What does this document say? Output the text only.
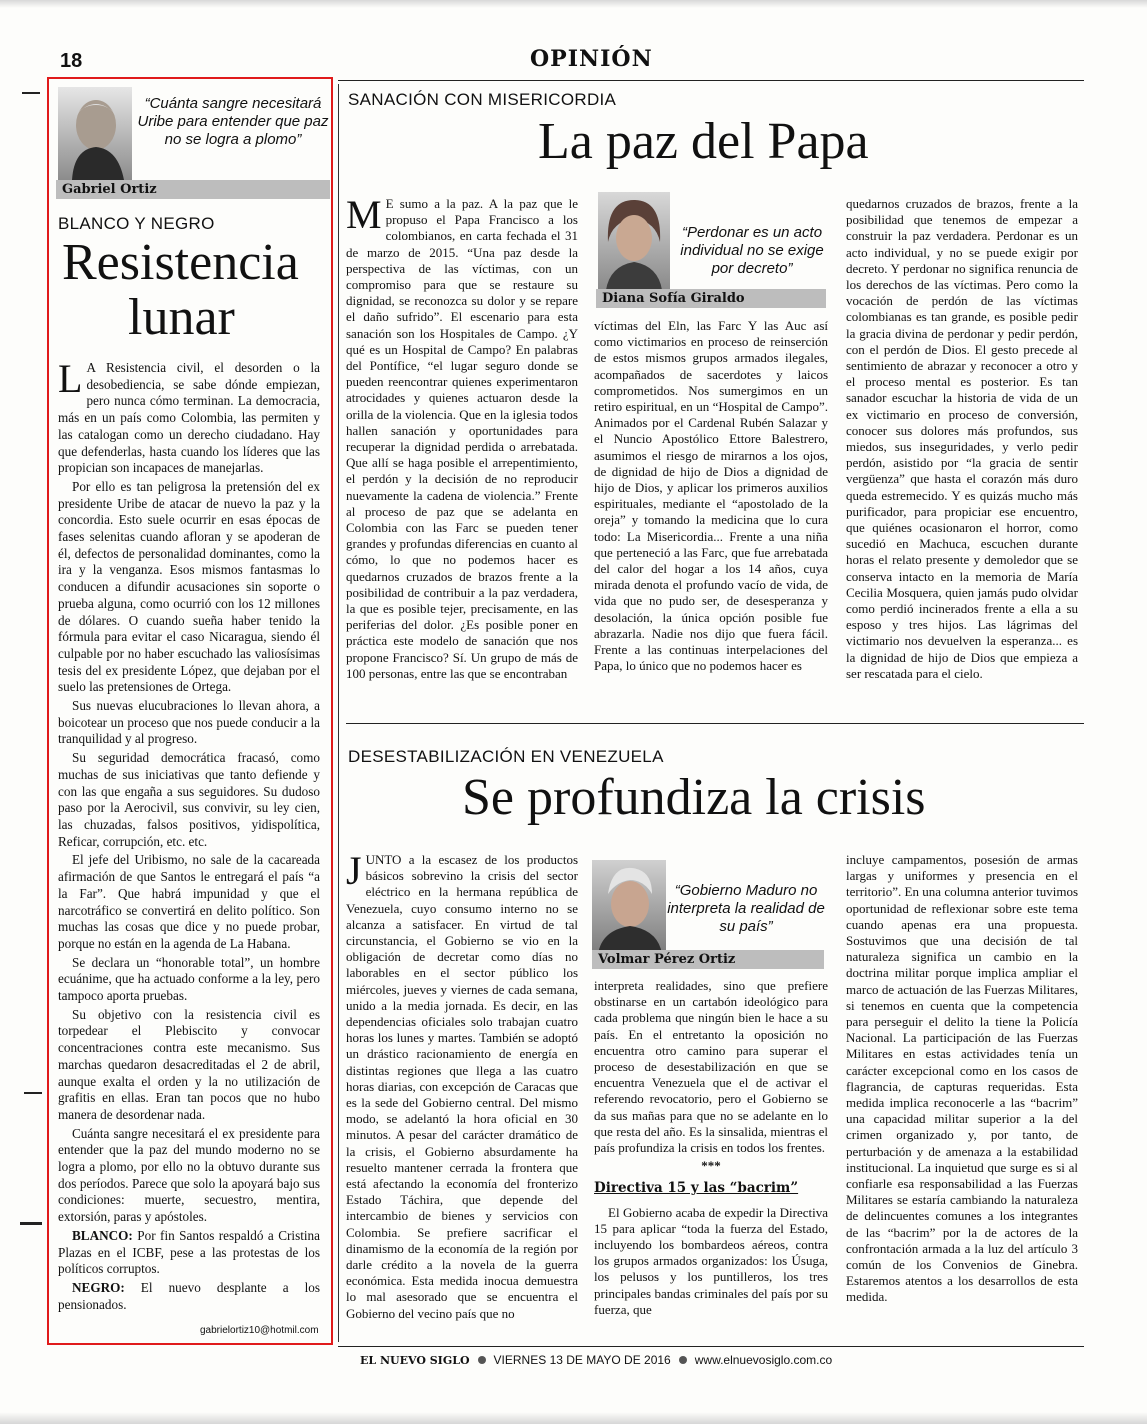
18	OPINIÓN
“Cuánta sangre necesitará Uribe para entender que paz no se logra a plomo”
Gabriel Ortiz
BLANCO Y NEGRO
Resistencia
lunar

L A Resistencia civil, el desorden o la desobediencia, se sabe dónde empiezan, pero nunca cómo terminan. La democracia, más en un país como Colombia, las permiten y las catalogan como un derecho ciudadano. Hay que defenderlas, hasta cuando los líderes que las propician son incapaces de manejarlas.

Por ello es tan peligrosa la pretensión del ex presidente Uribe de atacar de nuevo la paz y la concordia. Esto suele ocurrir en esas épocas de fases selenitas cuando afloran y se apoderan de él, defectos de personalidad dominantes, como la ira y la venganza. Esos mismos fantasmas lo conducen a difundir acusaciones sin soporte o prueba alguna, como ocurrió con los 12 millones de dólares. O cuando sueña haber tenido la fórmula para evitar el caso Nicaragua, siendo él culpable por no haber escuchado las valiosísimas tesis del ex presidente López, que dejaban por el suelo las pretensiones de Ortega.

Sus nuevas elucubraciones lo llevan ahora, a boicotear un proceso que nos puede conducir a la tranquilidad y al progreso.

Su seguridad democrática fracasó, como muchas de sus iniciativas que tanto defiende y con las que engaña a sus seguidores. Su dudoso paso por la Aerocivil, sus convivir, su ley cien, las chuzadas, falsos positivos, yidispolítica, Reficar, corrupción, etc. etc.

El jefe del Uribismo, no sale de la cacareada afirmación de que Santos le entregará el país “a la Far”. Que habrá impunidad y que el narcotráfico se convertirá en delito político. Son muchas las cosas que dice y no puede probar, porque no están en la agenda de La Habana.

Se declara un “honorable total”, un hombre ecuánime, que ha actuado conforme a la ley, pero tampoco aporta pruebas.

Su objetivo con la resistencia civil es torpedear el Plebiscito y convocar concentraciones contra este mecanismo. Sus marchas quedaron desacreditadas el 2 de abril, aunque exalta el orden y la no utilización de grafitis en ellas. Eran tan pocos que no hubo manera de desordenar nada.

Cuánta sangre necesitará el ex presidente para entender que la paz del mundo moderno no se logra a plomo, por ello no la obtuvo durante sus dos períodos. Parece que solo la apoyará bajo sus condiciones: muerte, secuestro, mentira, extorsión, paras y apóstoles.

BLANCO: Por fin Santos respaldó a Cristina Plazas en el ICBF, pese a las protestas de los políticos corruptos.

NEGRO: El nuevo desplante a los pensionados.

gabrielortiz10@hotmil.com
SANACIÓN CON MISERICORDIA
La paz del Papa

M E sumo a la paz. A la paz que le propuso el Papa Francisco a los colombianos, en carta fechada el 31 de marzo de 2015. “Una paz desde la perspectiva de las víctimas, con un compromiso para que se restaure su dignidad, se reconozca su dolor y se repare el daño sufrido”. El escenario para esta sanación son los Hospitales de Campo. ¿Y qué es un Hospital de Campo? En palabras del Pontífice, “el lugar seguro donde se pueden reencontrar quienes experimentaron atrocidades y quienes actuaron desde la orilla de la violencia. Que en la iglesia todos hallen sanación y oportunidades para recuperar la dignidad perdida o arrebatada. Que allí se haga posible el arrepentimiento, el perdón y la decisión de no reproducir nuevamente la cadena de violencia.” Frente al proceso de paz que se adelanta en Colombia con las Farc se pueden tener grandes y profundas diferencias en cuanto al cómo, lo que no podemos hacer es quedarnos cruzados de brazos frente a la posibilidad de contribuir a la paz verdadera, la que es posible tejer, precisamente, en las periferias del dolor. ¿Es posible poner en práctica este modelo de sanación que nos propone Francisco? Sí. Un grupo de más de 100 personas, entre las que se encontraban

“Perdonar es un acto individual no se exige por decreto”
Diana Sofía Giraldo

víctimas del Eln, las Farc Y las Auc así como victimarios en proceso de reinserción de estos mismos grupos armados ilegales, acompañados de sacerdotes y laicos comprometidos. Nos sumergimos en un retiro espiritual, en un “Hospital de Campo”. Animados por el Cardenal Rubén Salazar y el Nuncio Apostólico Ettore Balestrero, asumimos el riesgo de mirarnos a los ojos, de dignidad de hijo de Dios a dignidad de hijo de Dios, y aplicar los primeros auxilios espirituales, mediante el “apostolado de la oreja” y tomando la medicina que lo cura todo: La Misericordia... Frente a una niña que perteneció a las Farc, que fue arrebatada del calor del hogar a los 14 años, cuya mirada denota el profundo vacío de vida, de vida que no pudo ser, de desesperanza y desolación, la única opción posible fue abrazarla. Nadie nos dijo que fuera fácil. Frente a las continuas interpelaciones del Papa, lo único que no podemos hacer es

quedarnos cruzados de brazos, frente a la posibilidad que tenemos de empezar a construir la paz verdadera. Perdonar es un acto individual, y no se puede exigir por decreto. Y perdonar no significa renuncia de los derechos de las víctimas. Pero como la vocación de perdón de las víctimas colombianas es tan grande, es posible pedir la gracia divina de perdonar y pedir perdón, con el perdón de Dios. El gesto precede al sentimiento de abrazar y reconocer a otro y el proceso mental es posterior. Es tan sanador escuchar la historia de vida de un ex victimario en proceso de conversión, conocer sus dolores más profundos, sus miedos, sus inseguridades, y verlo pedir perdón, asistido por “la gracia de sentir vergüenza” que hasta el corazón más duro queda estremecido. Y es quizás mucho más purificador, para propiciar ese encuentro, que quiénes ocasionaron el horror, como sucedió en Machuca, escuchen durante horas el relato presente y demoledor que se conserva intacto en la memoria de María Cecilia Mosquera, quien jamás pudo olvidar como perdió incinerados frente a ella a su esposo y tres hijos. Las lágrimas del victimario nos devuelven la esperanza... es la dignidad de hijo de Dios que empieza a ser rescatada para el cielo.

DESESTABILIZACIÓN EN VENEZUELA
Se profundiza la crisis

JUNTO a la escasez de los productos básicos sobrevino la crisis del sector eléctrico en la hermana república de Venezuela, cuyo consumo interno no se alcanza a satisfacer. En virtud de tal circunstancia, el Gobierno se vio en la obligación de decretar como días no laborables en el sector público los miércoles, jueves y viernes de cada semana, unido a la media jornada. Es decir, en las dependencias oficiales solo trabajan cuatro horas los lunes y martes. También se adoptó un drástico racionamiento de energía en distintas regiones que llega a las cuatro horas diarias, con excepción de Caracas que es la sede del Gobierno central. Del mismo modo, se adelantó la hora oficial en 30 minutos. A pesar del carácter dramático de la crisis, el Gobierno absurdamente ha resuelto mantener cerrada la frontera que está afectando la economía del fronterizo Estado Táchira, que depende del intercambio de bienes y servicios con Colombia. Se prefiere sacrificar el dinamismo de la economía de la región por darle crédito a la novela de la guerra económica. Esta medida inocua demuestra lo mal asesorado que se encuentra el Gobierno del vecino país que no

“Gobierno Maduro no interpreta la realidad de su país”
Volmar Pérez Ortiz

interpreta realidades, sino que prefiere obstinarse en un cartabón ideológico para cada problema que ningún bien le hace a su país. En el entretanto la oposición no encuentra otro camino para superar el proceso de desestabilización en que se encuentra Venezuela que el de activar el referendo revocatorio, pero el Gobierno se da sus mañas para que no se adelante en lo que resta del año. Es la sinsalida, mientras el país profundiza la crisis en todos los frentes.

***
Directiva 15 y las “bacrim”

El Gobierno acaba de expedir la Directiva 15 para aplicar “toda la fuerza del Estado, incluyendo los bombardeos aéreos, contra los grupos armados organizados: los Úsuga, los pelusos y los puntilleros, los tres principales bandas criminales del país por su fuerza, que

incluye campamentos, posesión de armas largas y uniformes y presencia en el territorio”. En una columna anterior tuvimos oportunidad de reflexionar sobre este tema cuando apenas era una propuesta. Sostuvimos que una decisión de tal naturaleza significa un cambio en la doctrina militar porque implica ampliar el marco de actuación de las Fuerzas Militares, si tenemos en cuenta que la competencia para perseguir el delito la tiene la Policía Nacional. La participación de las Fuerzas Militares en estas actividades tenía un carácter excepcional como en los casos de flagrancia, de capturas requeridas. Esta medida implica reconocerle a las “bacrim” una capacidad militar superior a la del crimen organizado y, por tanto, de perturbación y de amenaza a la estabilidad institucional. La inquietud que surge es si al confiarle esa responsabilidad a las Fuerzas Militares se estaría cambiando la naturaleza de delincuentes comunes a los integrantes de las “bacrim” por la de actores de la confrontación armada a la luz del artículo 3 común de los Convenios de Ginebra. Estaremos atentos a los desarrollos de esta medida.

EL NUEVO SIGLO VIERNES 13 DE MAYO DE 2016 www.elnuevosiglo.com.co
